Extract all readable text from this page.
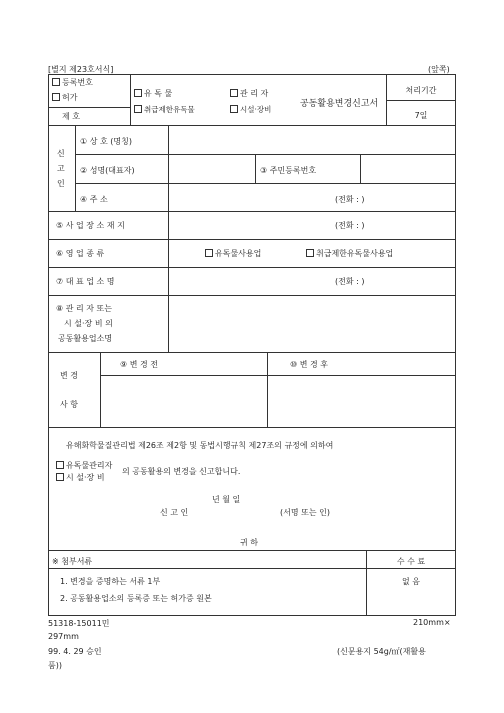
[별지 제23호서식]	(앞쪽)
등록번호
허가
제 호
유 독 물	관 리 자
취급제한유독물	시설·장비
공동활용변경신고서
처리기간
7일
신
고
인
① 상 호 (명칭)
② 성명(대표자)	③ 주민등록번호
④ 주 소	(전화 : )
⑤ 사 업 장 소 재 지	(전화 : )
⑥ 영 업 종 류	유독물사용업	취급제한유독물사용업
⑦ 대 표 업 소 명	(전화 : )
⑧ 관 리 자 또는
시 설·장 비 의
공동활용업소명
변 경
사 항
⑨ 변 경 전	⑩ 변 경 후
유해화학물질관리법 제26조 제2항 및 동법시행규칙 제27조의 규정에 의하여
유독물관리자
시 설·장 비
의 공동활용의 변경을 신고합니다.
년 월 일
신 고 인	(서명 또는 인)
귀 하
※ 첨부서류
1. 변경을 증명하는 서류 1부
2. 공동활용업소의 등록증 또는 허가증 원본
수 수 료
없 음
51318-15011민	210mm×
297mm
99. 4. 29 승인	(신문용지 54g/㎡(재활용
품))
